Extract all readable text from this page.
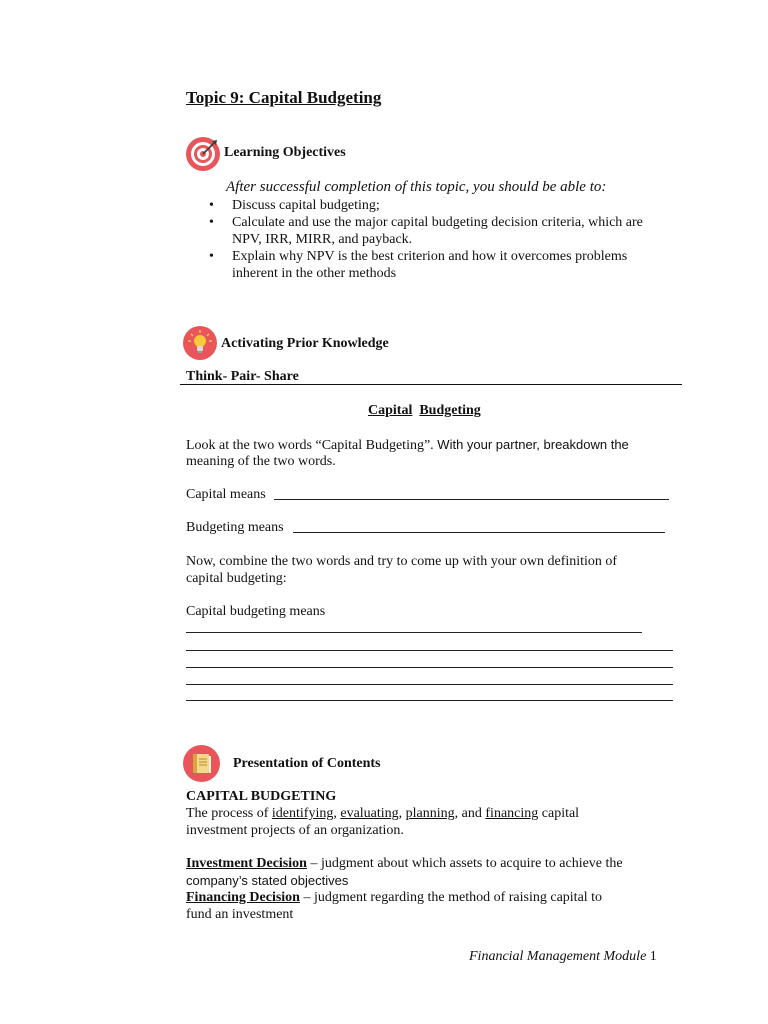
Topic 9: Capital Budgeting
Learning Objectives
After successful completion of this topic, you should be able to:
• Discuss capital budgeting;
• Calculate and use the major capital budgeting decision criteria, which are NPV, IRR, MIRR, and payback.
• Explain why NPV is the best criterion and how it overcomes problems inherent in the other methods
Activating Prior Knowledge
Think- Pair- Share
Capital Budgeting
Look at the two words “Capital Budgeting”. With your partner, breakdown the
meaning of the two words.
Capital means
Budgeting means
Now, combine the two words and try to come up with your own definition of
capital budgeting:
Capital budgeting means
Presentation of Contents
CAPITAL BUDGETING
The process of identifying, evaluating, planning, and financing capital
investment projects of an organization.
Investment Decision – judgment about which assets to acquire to achieve the
company’s stated objectives
Financing Decision – judgment regarding the method of raising capital to
fund an investment
Financial Management Module 1
